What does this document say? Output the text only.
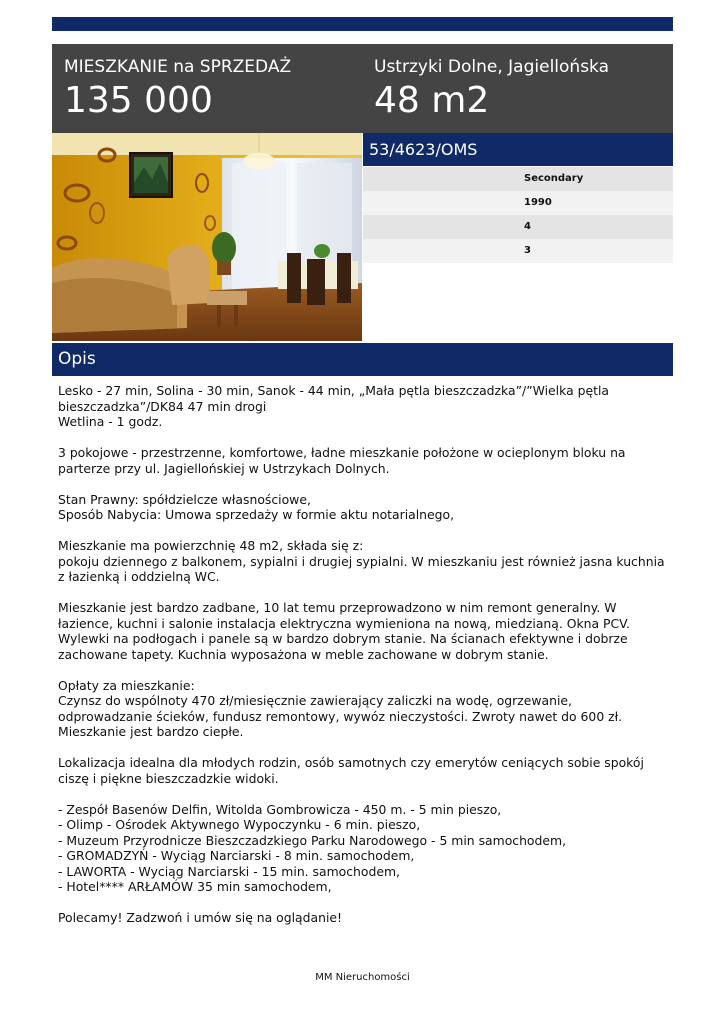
MIESZKANIE na SPRZEDAŻ
135 000
Ustrzyki Dolne, Jagiellońska
48 m2
53/4623/OMS
Secondary
1990
4
3
Opis
Lesko - 27 min, Solina - 30 min, Sanok - 44 min, „Mała pętla bieszczadzka”/”Wielka pętla bieszczadzka”/DK84 47 min drogi
Wetlina - 1 godz.

3 pokojowe - przestrzenne, komfortowe, ładne mieszkanie położone w ocieplonym bloku na parterze przy ul. Jagiellońskiej w Ustrzykach Dolnych.

Stan Prawny: spółdzielcze własnościowe,
Sposób Nabycia: Umowa sprzedaży w formie aktu notarialnego,

Mieszkanie ma powierzchnię 48 m2, składa się z:
pokoju dziennego z balkonem, sypialni i drugiej sypialni. W mieszkaniu jest również jasna kuchnia z łazienką i oddzielną WC.

Mieszkanie jest bardzo zadbane, 10 lat temu przeprowadzono w nim remont generalny. W łazience, kuchni i salonie instalacja elektryczna wymieniona na nową, miedzianą. Okna PCV. Wylewki na podłogach i panele są w bardzo dobrym stanie. Na ścianach efektywne i dobrze zachowane tapety. Kuchnia wyposażona w meble zachowane w dobrym stanie.

Opłaty za mieszkanie:
Czynsz do wspólnoty 470 zł/miesięcznie zawierający zaliczki na wodę, ogrzewanie, odprowadzanie ścieków, fundusz remontowy, wywóz nieczystości. Zwroty nawet do 600 zł. Mieszkanie jest bardzo ciepłe.

Lokalizacja idealna dla młodych rodzin, osób samotnych czy emerytów ceniących sobie spokój ciszę i piękne bieszczadzkie widoki.

- Zespół Basenów Delfin, Witolda Gombrowicza - 450 m. - 5 min pieszo,
- Olimp - Ośrodek Aktywnego Wypoczynku - 6 min. pieszo,
- Muzeum Przyrodnicze Bieszczadzkiego Parku Narodowego - 5 min samochodem,
- GROMADZYŃ - Wyciąg Narciarski - 8 min. samochodem,
- LAWORTA - Wyciąg Narciarski - 15 min. samochodem,
- Hotel**** ARŁAMÓW 35 min samochodem,

Polecamy! Zadzwoń i umów się na oglądanie!
MM Nieruchomości
